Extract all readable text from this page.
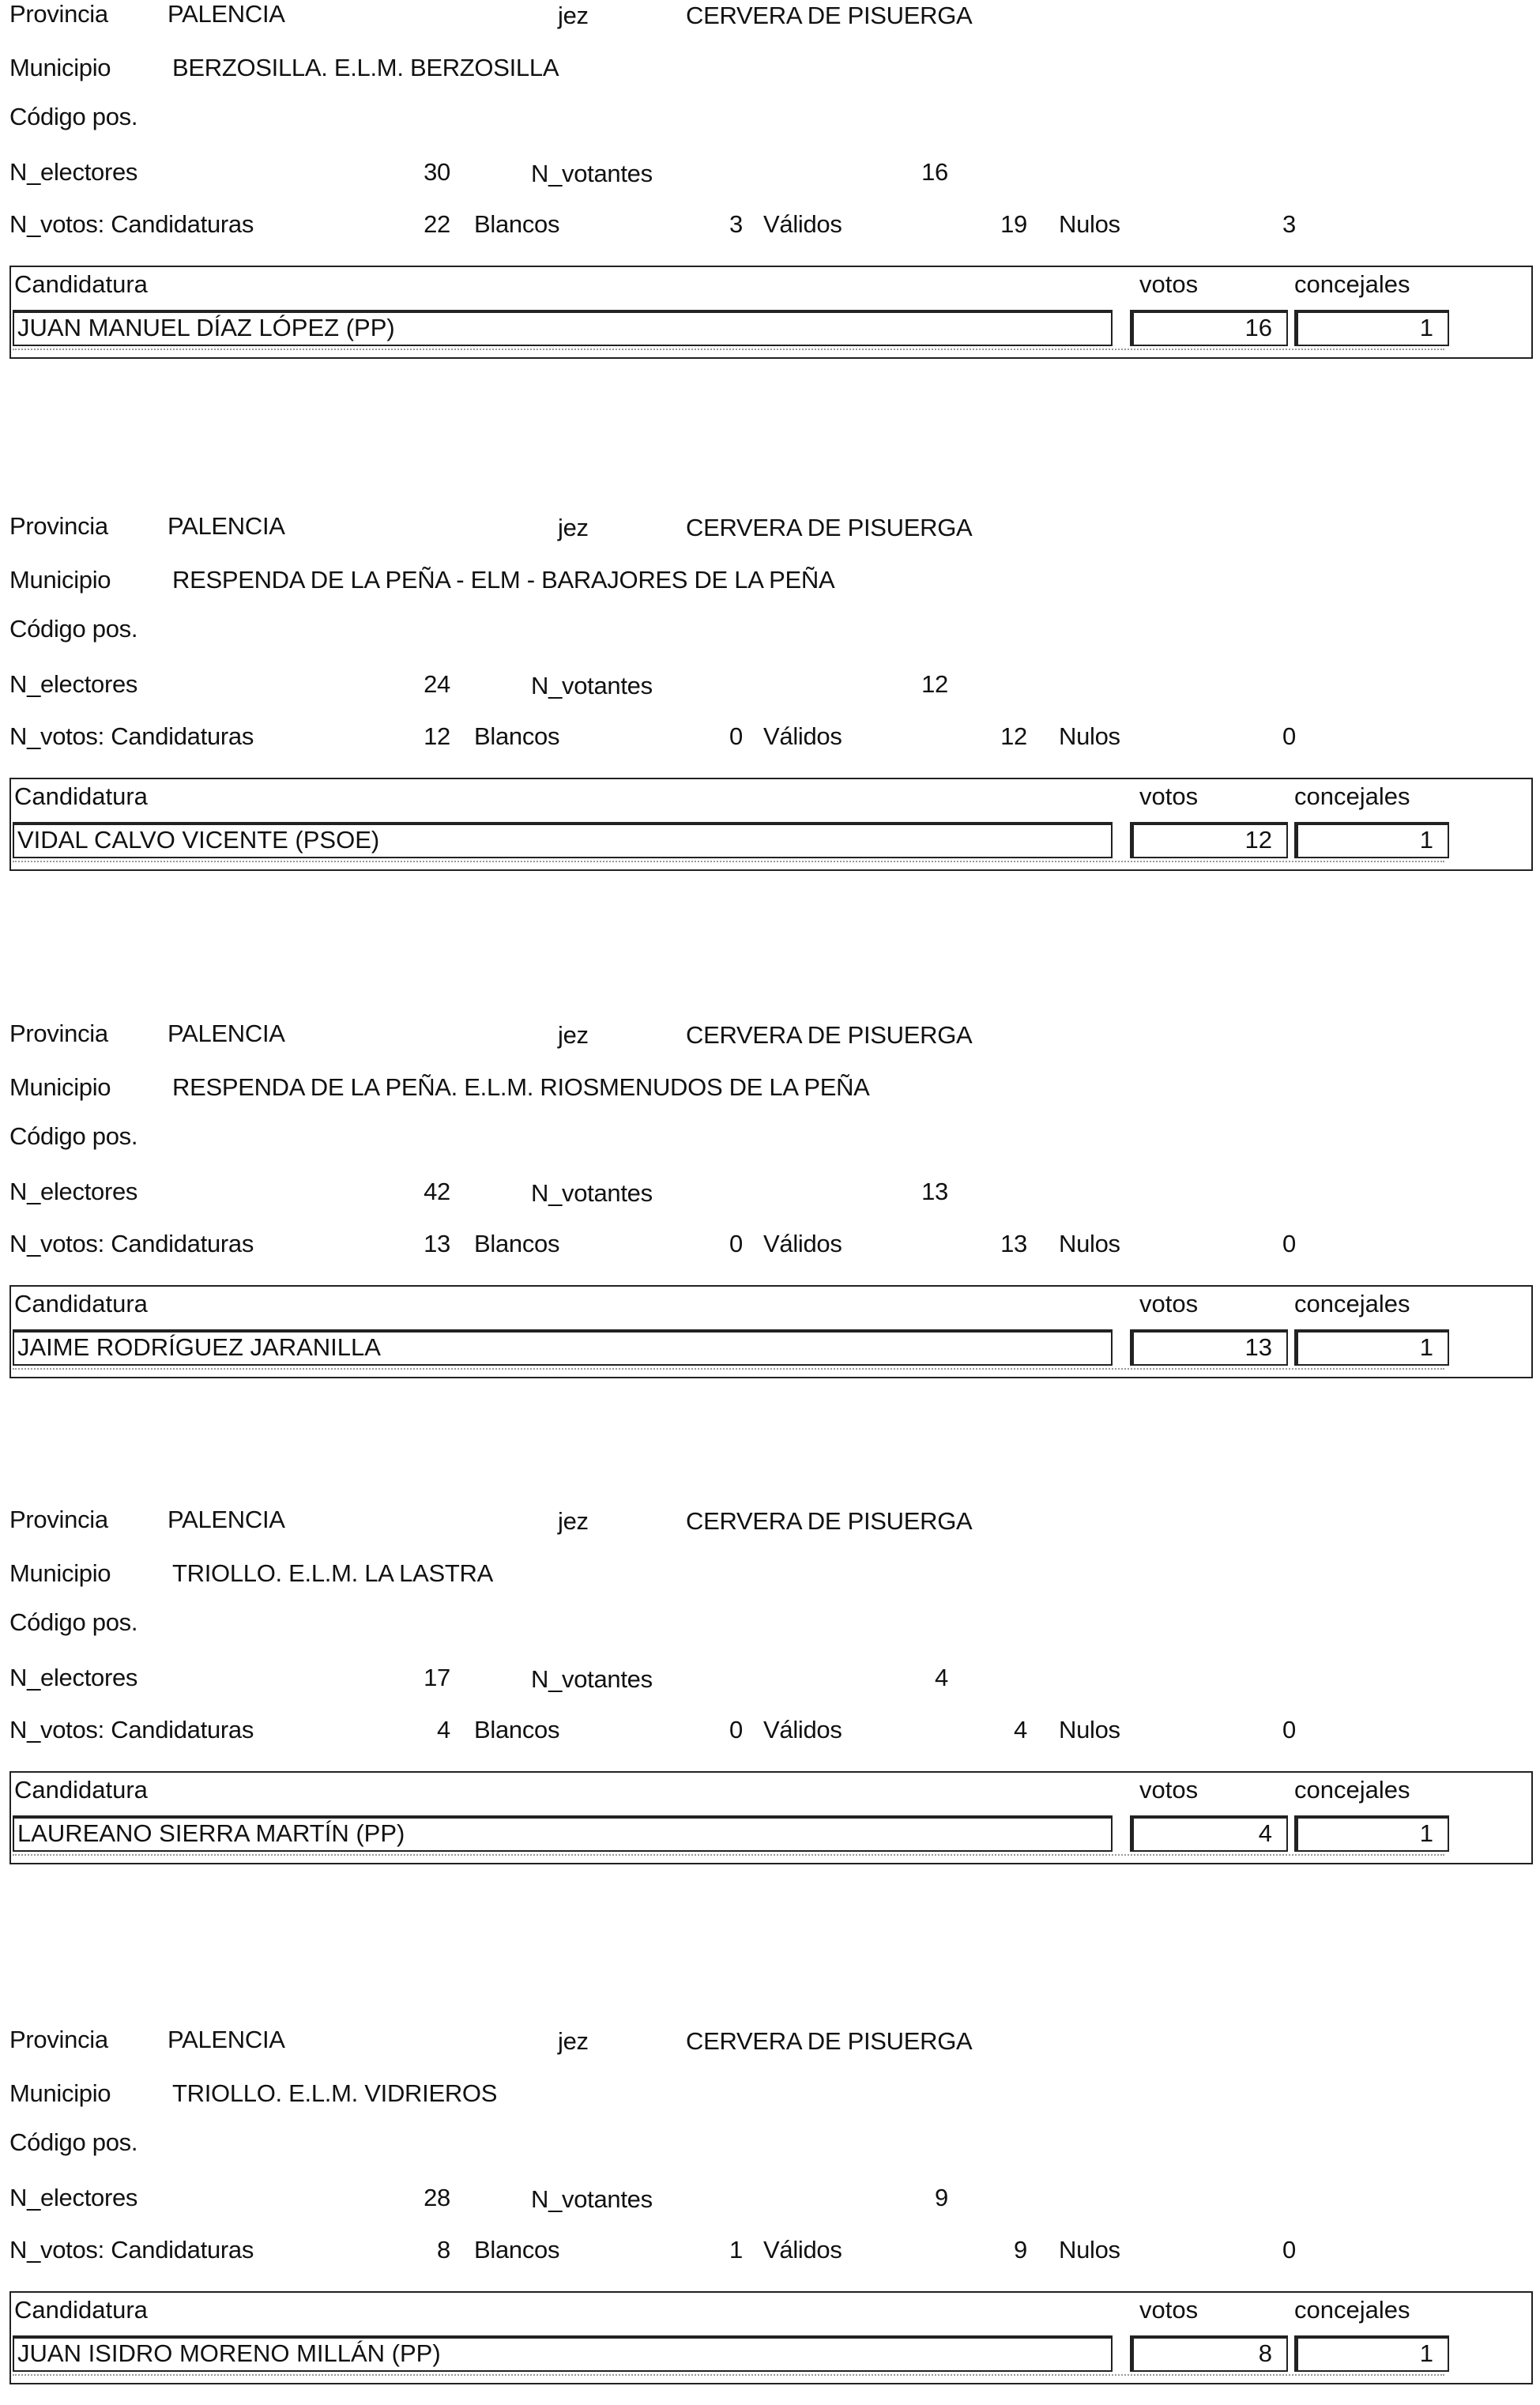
Provincia PALENCIA	jez	CERVERA DE PISUERGA
Municipio	BERZOSILLA. E.L.M. BERZOSILLA
Código pos.
N_electores	30	N_votantes	16
N_votos: Candidaturas	22 Blancos	3 Válidos	19 Nulos	3
Candidatura	votos	concejales
JUAN MANUEL DÍAZ LÓPEZ (PP)	16	1
Provincia PALENCIA	jez	CERVERA DE PISUERGA
Municipio	RESPENDA DE LA PEÑA - ELM - BARAJORES DE LA PEÑA
Código pos.
N_electores	24	N_votantes	12
N_votos: Candidaturas	12 Blancos	0 Válidos	12 Nulos	0
Candidatura	votos	concejales
VIDAL CALVO VICENTE (PSOE)	12	1
Provincia PALENCIA	jez	CERVERA DE PISUERGA
Municipio	RESPENDA DE LA PEÑA. E.L.M. RIOSMENUDOS DE LA PEÑA
Código pos.
N_electores	42	N_votantes	13
N_votos: Candidaturas	13 Blancos	0 Válidos	13 Nulos	0
Candidatura	votos	concejales
JAIME RODRÍGUEZ JARANILLA	13	1
Provincia PALENCIA	jez	CERVERA DE PISUERGA
Municipio	TRIOLLO. E.L.M. LA LASTRA
Código pos.
N_electores	17	N_votantes	4
N_votos: Candidaturas	4 Blancos	0 Válidos	4 Nulos	0
Candidatura	votos	concejales
LAUREANO SIERRA MARTÍN (PP)	4	1
Provincia PALENCIA	jez	CERVERA DE PISUERGA
Municipio	TRIOLLO. E.L.M. VIDRIEROS
Código pos.
N_electores	28	N_votantes	9
N_votos: Candidaturas	8 Blancos	1 Válidos	9 Nulos	0
Candidatura	votos	concejales
JUAN ISIDRO MORENO MILLÁN (PP)	8	1
